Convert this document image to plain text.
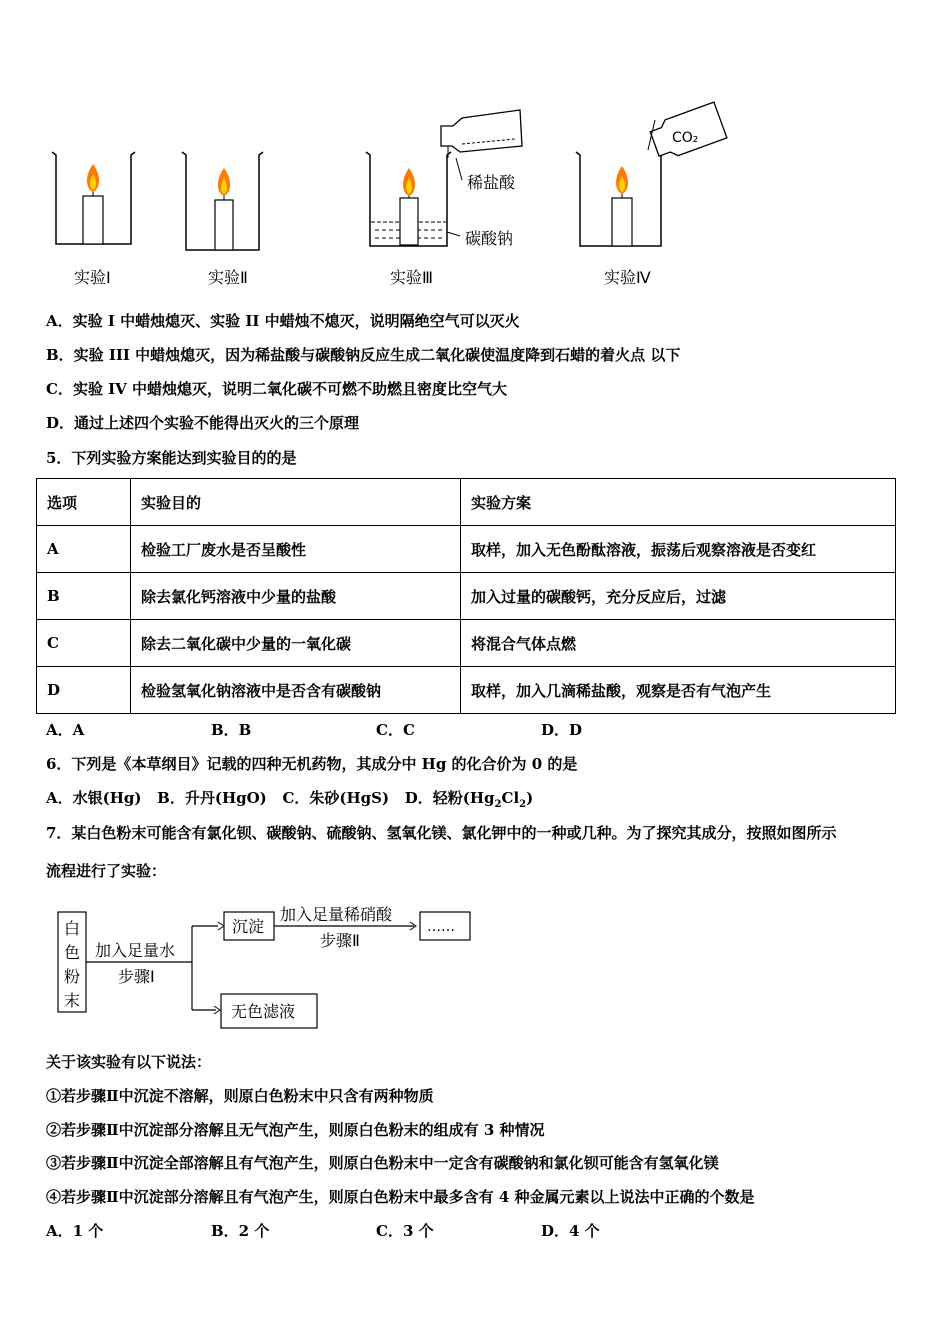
稀盐酸
碳酸钠
CO₂
实验Ⅰ	实验Ⅱ	实验Ⅲ	实验Ⅳ
A．实验 I 中蜡烛熄灭、实验 II 中蜡烛不熄灭，说明隔绝空气可以灭火
B．实验 III 中蜡烛熄灭，因为稀盐酸与碳酸钠反应生成二氧化碳使温度降到石蜡的着火点 以下
C．实验 IV 中蜡烛熄灭，说明二氧化碳不可燃不助燃且密度比空气大
D．通过上述四个实验不能得出灭火的三个原理
5．下列实验方案能达到实验目的的是
选项	实验目的	实验方案
A	检验工厂废水是否呈酸性	取样，加入无色酚酞溶液，振荡后观察溶液是否变红
B	除去氯化钙溶液中少量的盐酸	加入过量的碳酸钙，充分反应后，过滤
C	除去二氧化碳中少量的一氧化碳	将混合气体点燃
D	检验氢氧化钠溶液中是否含有碳酸钠	取样，加入几滴稀盐酸，观察是否有气泡产生
A．A	B．B	C．C	D．D
6．下列是《本草纲目》记载的四种无机药物，其成分中 Hg 的化合价为 0 的是
A．水银(Hg) B．升丹(HgO) C．朱砂(HgS) D．轻粉$(Hg_2Cl_2)$
7．某白色粉末可能含有氯化钡、碳酸钠、硫酸钠、氢氧化镁、氯化钾中的一种或几种。为了探究其成分，按照如图所示
流程进行了实验：
白
色
粉
末
加入足量水
步骤Ⅰ
沉淀
加入足量稀硝酸
步骤Ⅱ
……
无色滤液
关于该实验有以下说法：
①若步骤Ⅱ中沉淀不溶解，则原白色粉末中只含有两种物质
②若步骤Ⅱ中沉淀部分溶解且无气泡产生，则原白色粉末的组成有 3 种情况
③若步骤Ⅱ中沉淀全部溶解且有气泡产生，则原白色粉末中一定含有碳酸钠和氯化钡可能含有氢氧化镁
④若步骤Ⅱ中沉淀部分溶解且有气泡产生，则原白色粉末中最多含有 4 种金属元素以上说法中正确的个数是
A．1 个	B．2 个	C．3 个	D．4 个
